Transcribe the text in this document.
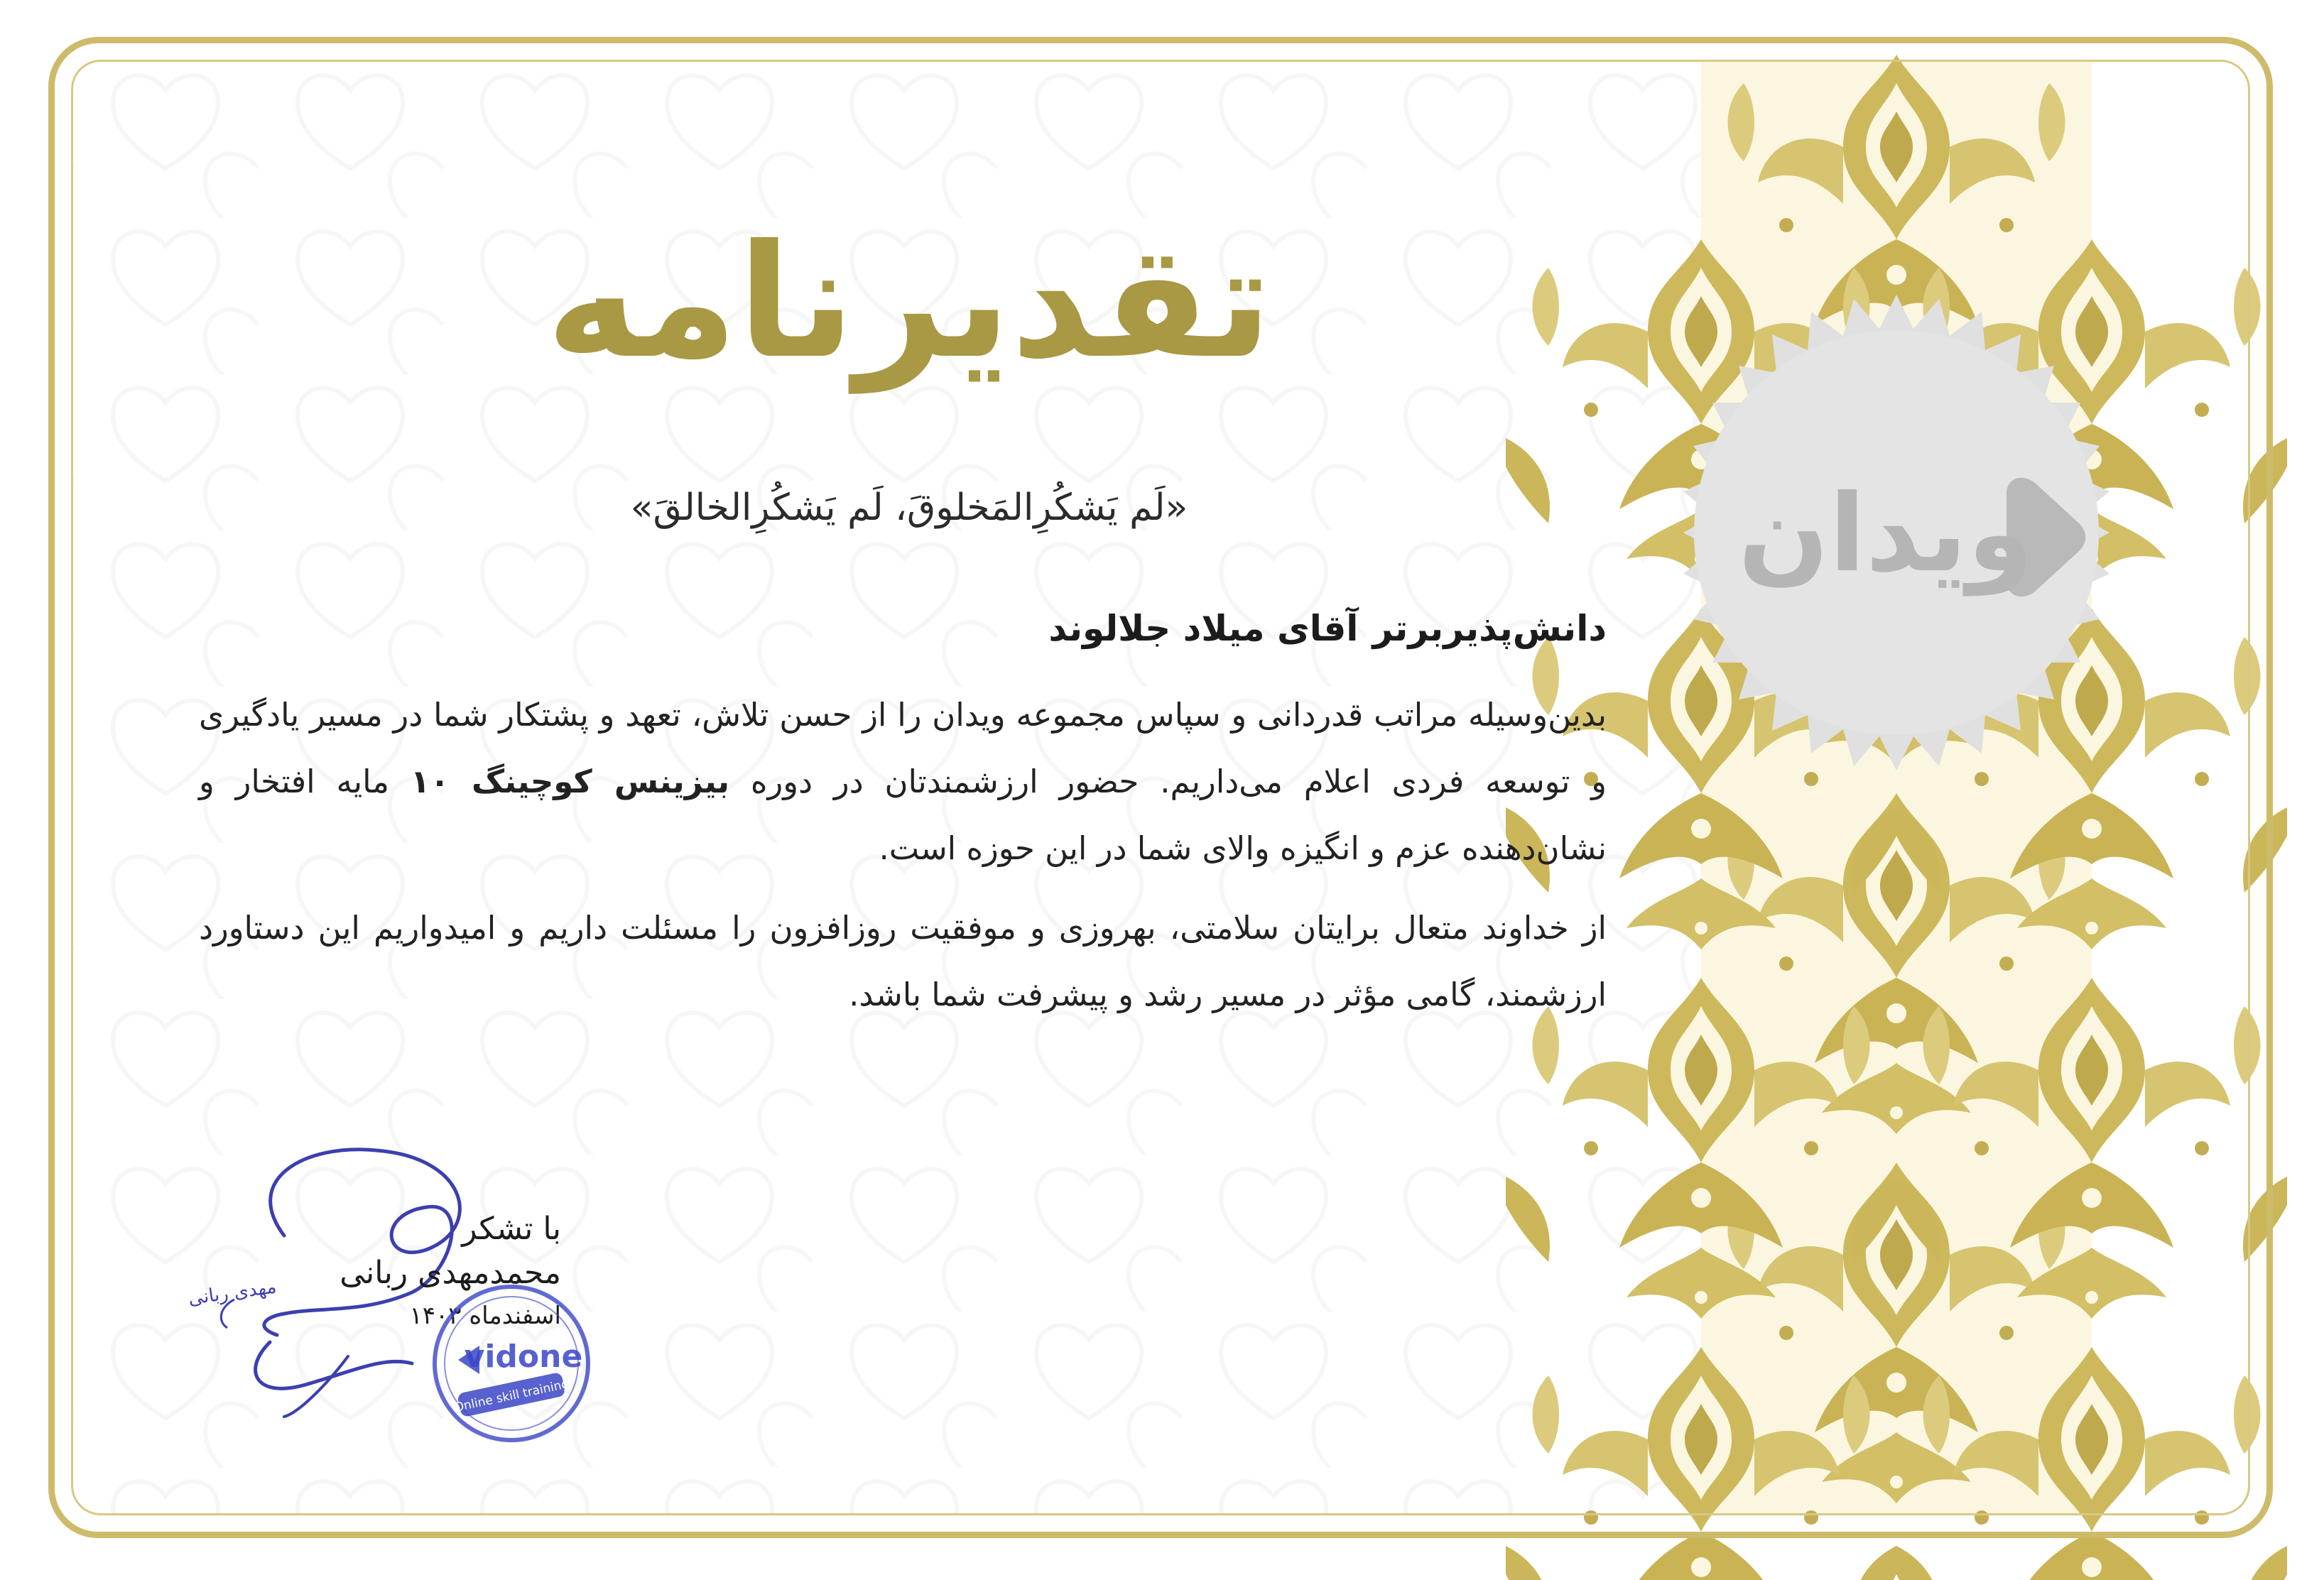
ویدان
تقدیرنامه
«لَم یَشکُرِالمَخلوقَ، لَم یَشکُرِالخالقَ»
دانش‌پذیربرترآقای میلاد جلالوند

بدین‌وسیله مراتب قدردانی و سپاس مجموعه ویدان را از حسن تلاش، تعهد و پشتکار شما در مسیر یادگیری و توسعه فردی اعلام می‌داریم. حضور ارزشمندتان در دوره بیزینس کوچینگ ۱۰ مایه افتخار و نشان‌دهنده عزم و انگیزه والای شما در این حوزه است.

از خداوند متعال برایتان سلامتی، بهروزی و موفقیت روزافزون را مسئلت داریم و امیدواریم این دستاورد ارزشمند، گامی مؤثر در مسیر رشد و پیشرفت شما باشد.

مهدی ربانی
با تشکر
محمدمهدی ربانی
اسفندماه ۱۴۰۳
vidone
Online skill training
